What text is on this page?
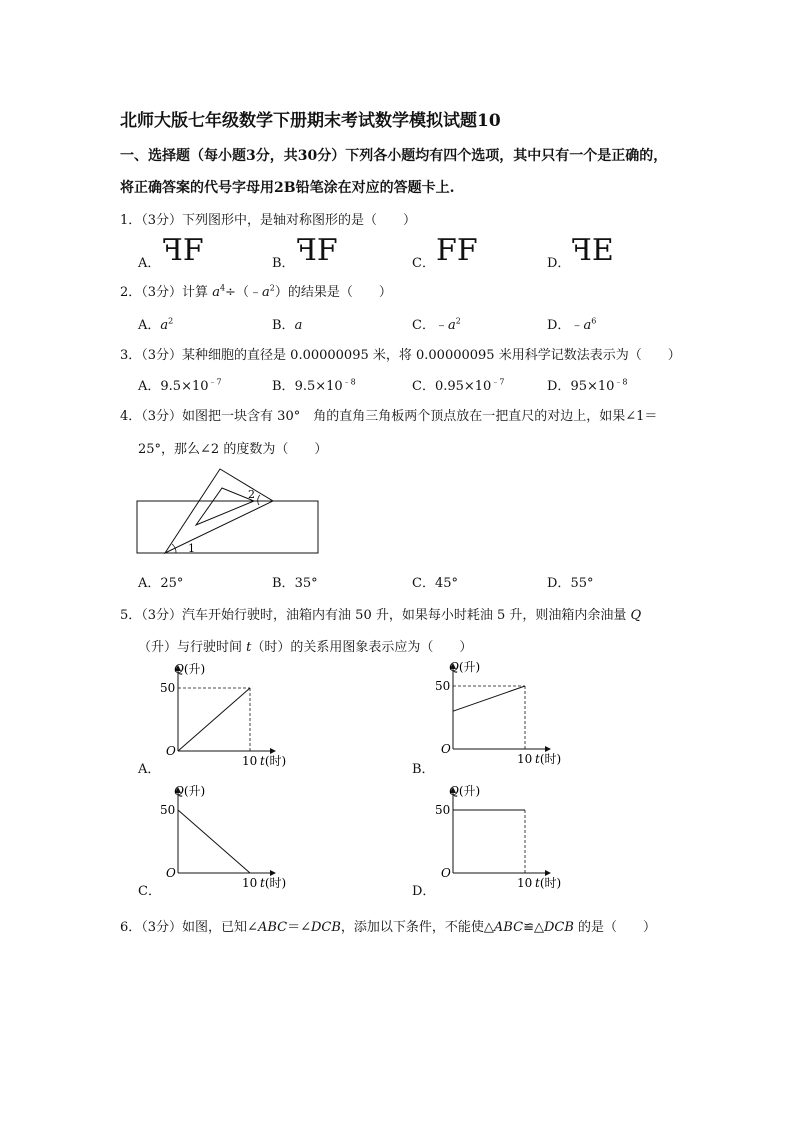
北师大版七年级数学下册期末考试数学模拟试题10
一、选择题（每小题3分，共30分）下列各小题均有四个选项，其中只有一个是正确的，
将正确答案的代号字母用2B铅笔涂在对应的答题卡上.
1．（3分）下列图形中，是轴对称图形的是（　　）
A． FF	B． FF	C． FF	D． FE
2．（3分）计算 $a^4\div(﹣a^2)$的结果是（　　）
A．$a^2$	B．a	C．$﹣a^2$	D．$﹣a^6$
3．（3分）某种细胞的直径是 0.00000095 米，将 0.00000095 米用科学记数法表示为（　　）
A．$9.5\times 10^{﹣7}$	B．$9.5\times 10^{﹣8}$	C．$0.95\times 10^{﹣7}$	D．$95\times 10^{﹣8}$
4．（3分）如图把一块含有 30°　角的直角三角板两个顶点放在一把直尺的对边上，如果∠1＝
25°，那么∠2 的度数为（　　）
1
2
A．25°	B．35°	C．45°	D．55°
5．（3分）汽车开始行驶时，油箱内有油 50 升，如果每小时耗油 5 升，则油箱内余油量 Q
（升）与行驶时间 t（时）的关系用图象表示应为（　　）
A．
Q(升)
t(时)
O
50
10
B．
Q(升)
t(时)
O
50
10
C．
Q(升)
t(时)
O
50
10
D．
Q(升)
t(时)
O
50
10
6．（3分）如图，已知∠ABC＝∠DCB，添加以下条件，不能使△ABC≌△DCB 的是（　　）
